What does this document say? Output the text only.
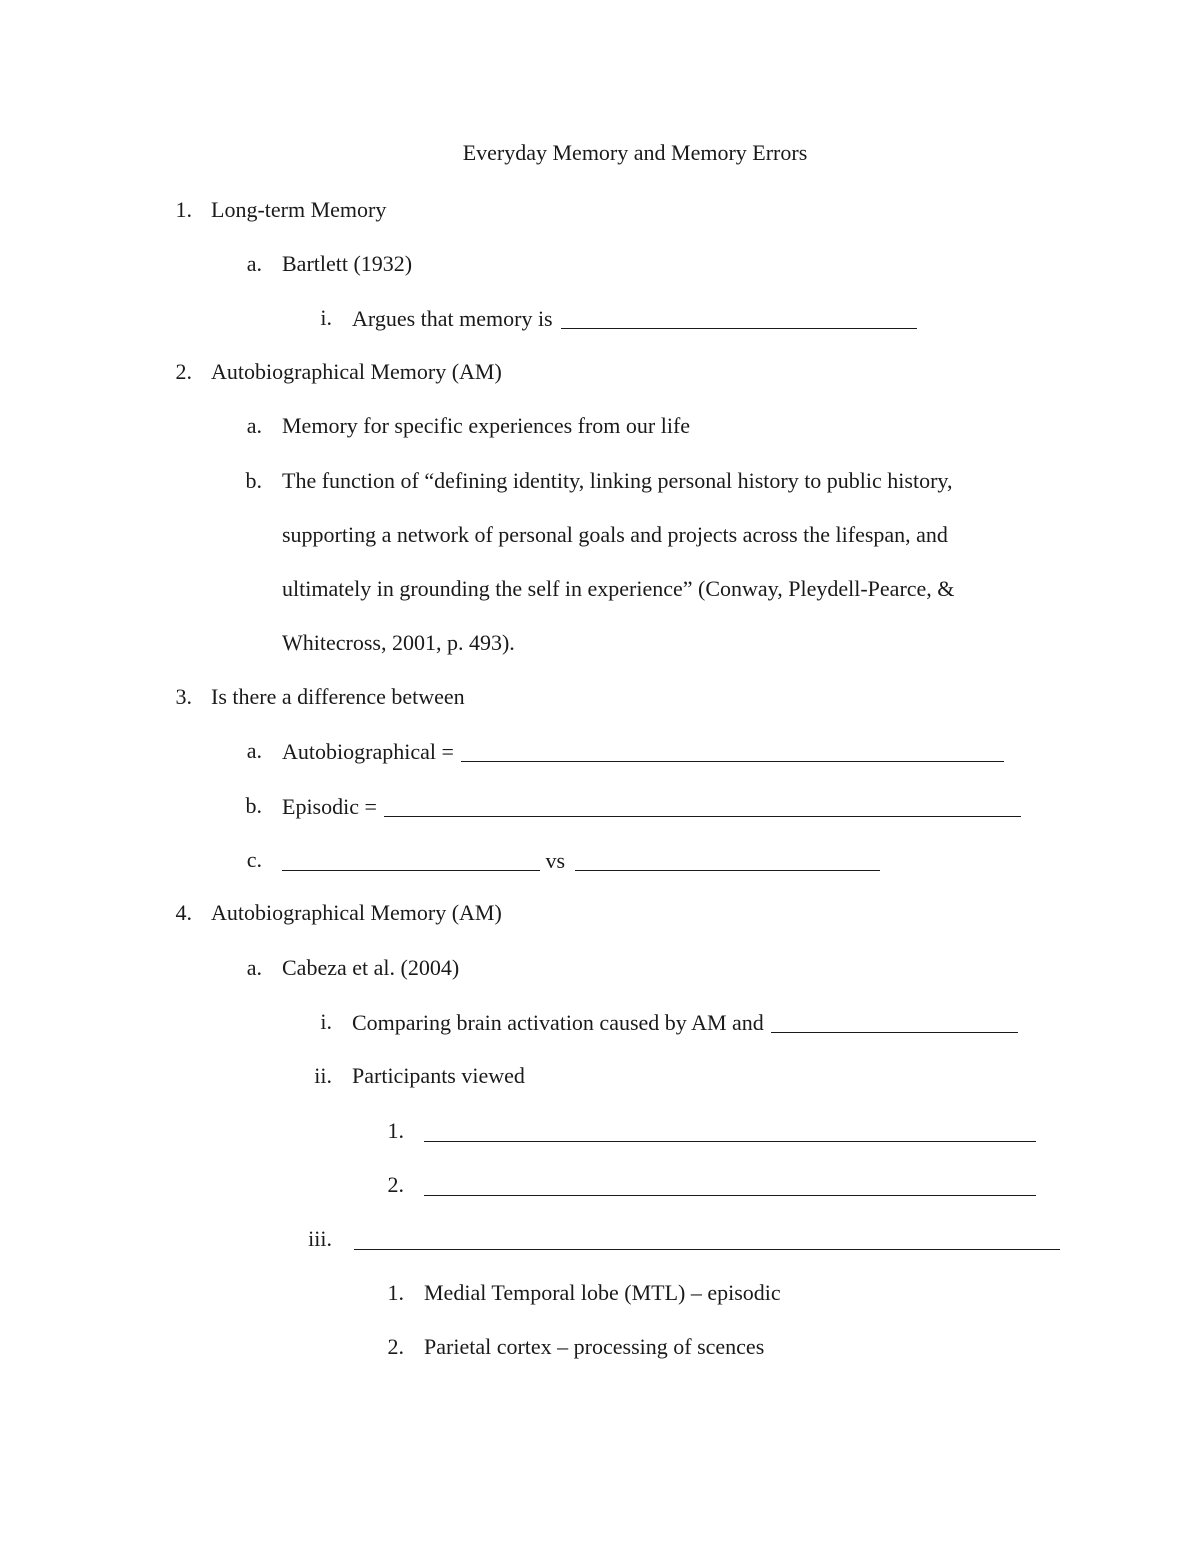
Everyday Memory and Memory Errors
1. Long-term Memory
a. Bartlett (1932)
i. Argues that memory is
2. Autobiographical Memory (AM)
a. Memory for specific experiences from our life
b. The function of “defining identity, linking personal history to public history,
supporting a network of personal goals and projects across the lifespan, and
ultimately in grounding the self in experience” (Conway, Pleydell-Pearce, &
Whitecross, 2001, p. 493).
3. Is there a difference between
a. Autobiographical =
b. Episodic =
c.	vs
4. Autobiographical Memory (AM)
a. Cabeza et al. (2004)
i. Comparing brain activation caused by AM and
ii. Participants viewed
1.
2.
iii.
1. Medial Temporal lobe (MTL) – episodic
2. Parietal cortex – processing of scences
